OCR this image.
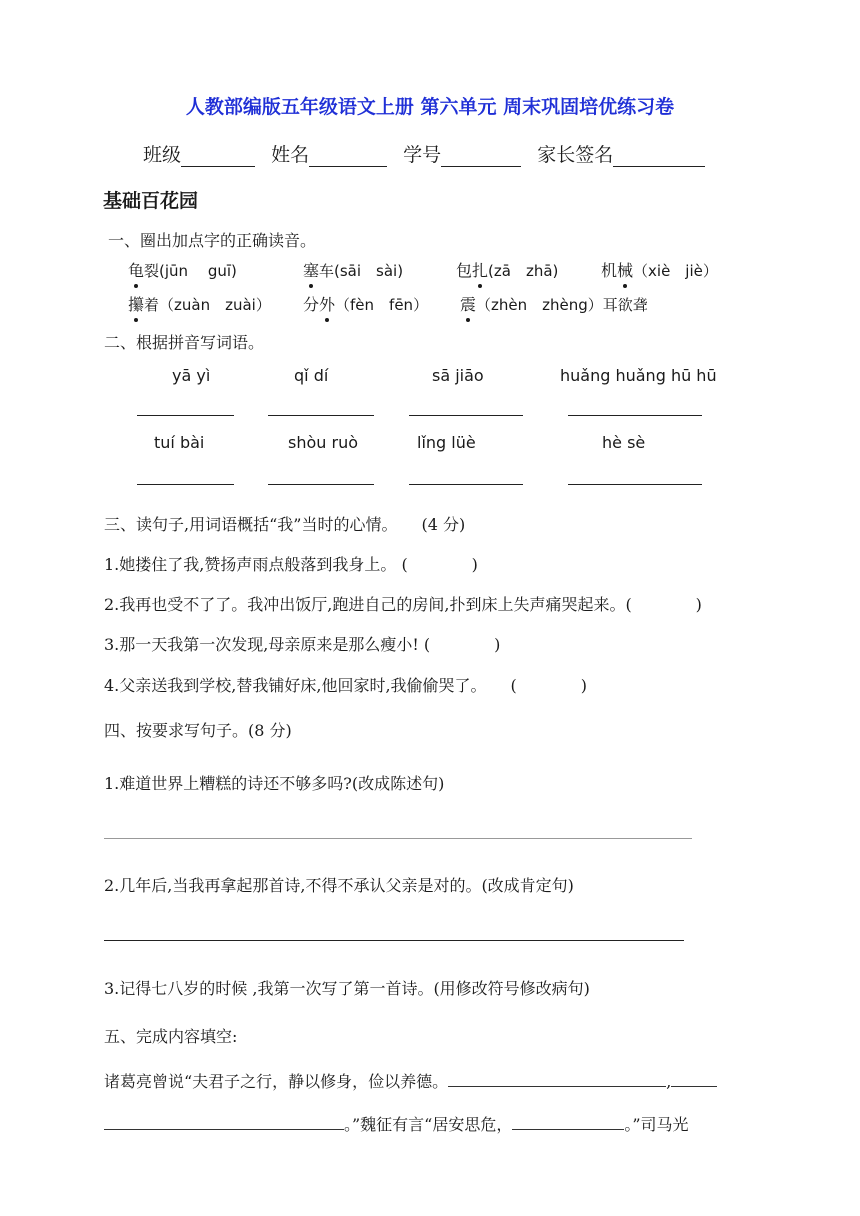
人教部编版五年级语文上册 第六单元 周末巩固培优练习卷
班级	姓名	学号	家长签名
基础百花园
一、圈出加点字的正确读音。
龟裂(jūn　 guī)	塞车(sāi　sài)	包扎(zā　zhā)	机械（xiè　jiè）
攥着（zuàn　zuài） 分外（fèn　fēn） 震（zhèn　zhèng）耳欲聋
二、根据拼音写词语。
yā yì	qǐ dí	sā jiāo	huǎng huǎng hū hū
tuí bài	shòu ruò	lǐng lüè	hè sè
三、读句子,用词语概括“我”当时的心情。　　(4 分)
1.她搂住了我,赞扬声雨点般落到我身上。 (　　　　)
2.我再也受不了了。我冲出饭厅,跑进自己的房间,扑到床上失声痛哭起来。(　　　　)
3.那一天我第一次发现,母亲原来是那么瘦小! (　　　　)
4.父亲送我到学校,替我铺好床,他回家时,我偷偷哭了。　　(　　　　)
四、按要求写句子。(8 分)
1.难道世界上糟糕的诗还不够多吗?(改成陈述句)
2.几年后,当我再拿起那首诗,不得不承认父亲是对的。(改成肯定句)
3.记得七八岁的时候 ,我第一次写了第一首诗。(用修改符号修改病句)
五、完成内容填空:
诸葛亮曾说“夫君子之行，静以修身，俭以养德。	,
。”魏征有言“居安思危，	。”司马光
